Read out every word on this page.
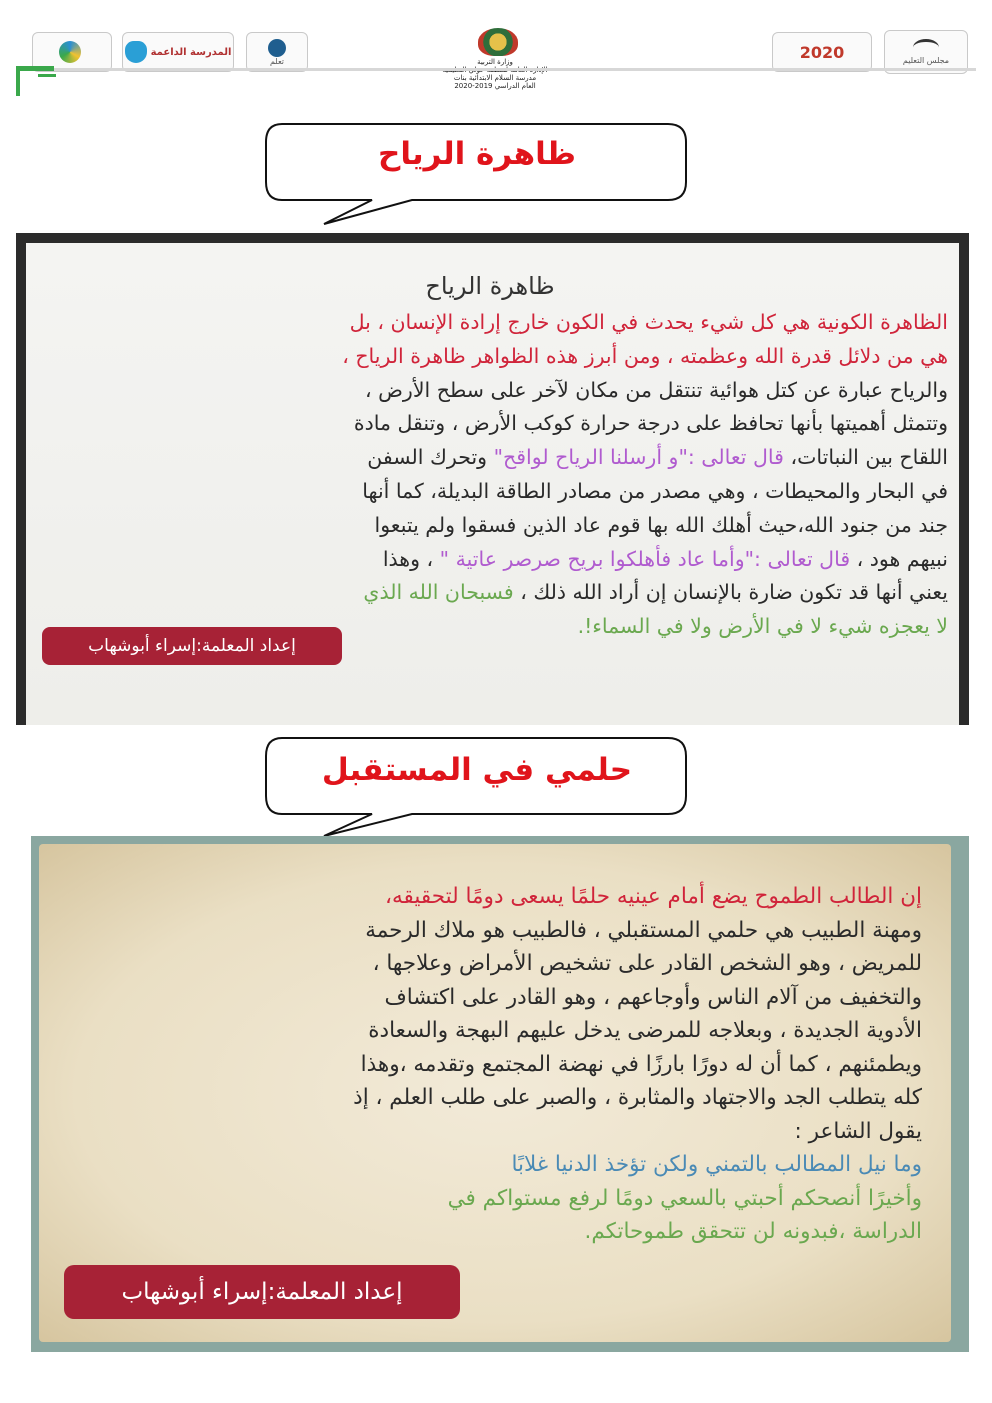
المدرسة الداعمة
تعلم	وزارة التربية
مدرسة السلام الابتدائية بنات
العام الدراسي 2019-2020
2020	مجلس التعليم
ظاهرة الرياح
ظاهرة الرياح
الظاهرة الكونية هي كل شيء يحدث في الكون خارج إرادة الإنسان ، بل
هي من دلائل قدرة الله وعظمته ، ومن أبرز هذه الظواهر ظاهرة الرياح ،
والرياح عبارة عن كتل هوائية تنتقل من مكان لآخر على سطح الأرض ،
وتتمثل أهميتها بأنها تحافظ على درجة حرارة كوكب الأرض ، وتنقل مادة
اللقاح بين النباتات، قال تعالى :"و أرسلنا الرياح لواقح" وتحرك السفن
في البحار والمحيطات ، وهي مصدر من مصادر الطاقة البديلة، كما أنها
جند من جنود الله،حيث أهلك الله بها قوم عاد الذين فسقوا ولم يتبعوا
نبيهم هود ، قال تعالى :"وأما عاد فأهلكوا بريح صرصر عاتية " ، وهذا
يعني أنها قد تكون ضارة بالإنسان إن أراد الله ذلك ، فسبحان الله الذي
لا يعجزه شيء لا في الأرض ولا في السماء!.
إعداد المعلمة:إسراء أبوشهاب
حلمي في المستقبل
إن الطالب الطموح يضع أمام عينيه حلمًا يسعى دومًا لتحقيقه،
ومهنة الطبيب هي حلمي المستقبلي ، فالطبيب هو ملاك الرحمة
للمريض ، وهو الشخص القادر على تشخيص الأمراض وعلاجها ،
والتخفيف من آلام الناس وأوجاعهم ، وهو القادر على اكتشاف
الأدوية الجديدة ، وبعلاجه للمرضى يدخل عليهم البهجة والسعادة
ويطمئنهم ، كما أن له دورًا بارزًا في نهضة المجتمع وتقدمه ،وهذا
كله يتطلب الجد والاجتهاد والمثابرة ، والصبر على طلب العلم ، إذ
يقول الشاعر :
وما نيل المطالب بالتمني ولكن تؤخذ الدنيا غلابًا
وأخيرًا أنصحكم أحبتي بالسعي دومًا لرفع مستواكم في
الدراسة ،فبدونه لن تتحقق طموحاتكم.
إعداد المعلمة:إسراء أبوشهاب
